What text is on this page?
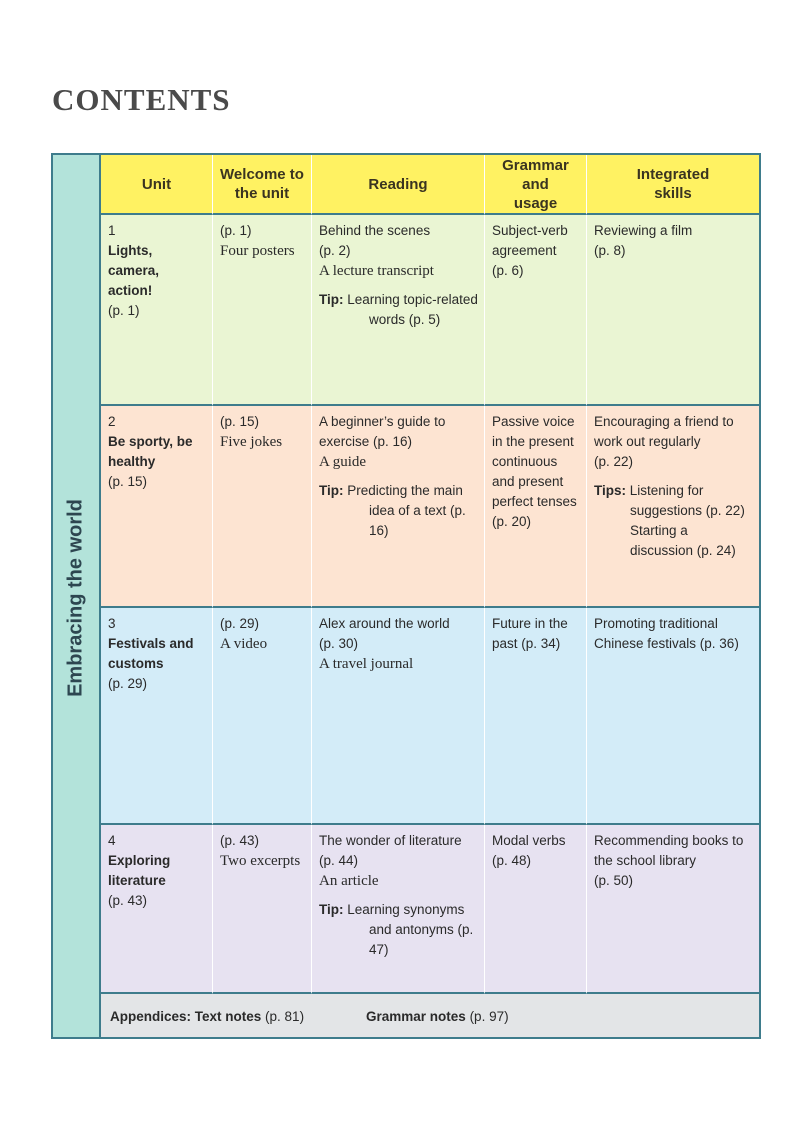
CONTENTS
Embracing the world
Unit
Welcome to
the unit
Reading
Grammar
and
usage
Integrated
skills
1
Lights, camera,
action!
(p. 1)
(p. 1)
Four posters
Behind the scenes
(p. 2)
A lecture transcript
Tip: Learning topic-related words (p. 5)
Subject-verb
agreement
(p. 6)
Reviewing a film
(p. 8)
2
Be sporty, be
healthy
(p. 15)
(p. 15)
Five jokes
A beginner’s guide to
exercise (p. 16)
A guide
Tip: Predicting the main idea of a text (p. 16)
Passive voice
in the present
continuous
and present
perfect tenses
(p. 20)
Encouraging a friend to
work out regularly
(p. 22)
Tips: Listening for suggestions (p. 22)
Starting a discussion (p. 24)
3
Festivals and
customs
(p. 29)
(p. 29)
A video
Alex around the world
(p. 30)
A travel journal
Future in the
past (p. 34)
Promoting traditional
Chinese festivals (p. 36)
4
Exploring
literature
(p. 43)
(p. 43)
Two excerpts
The wonder of literature
(p. 44)
An article
Tip: Learning synonyms and antonyms (p. 47)
Modal verbs
(p. 48)
Recommending books to
the school library
(p. 50)
Appendices: Text notes (p. 81)	Grammar notes (p. 97)
